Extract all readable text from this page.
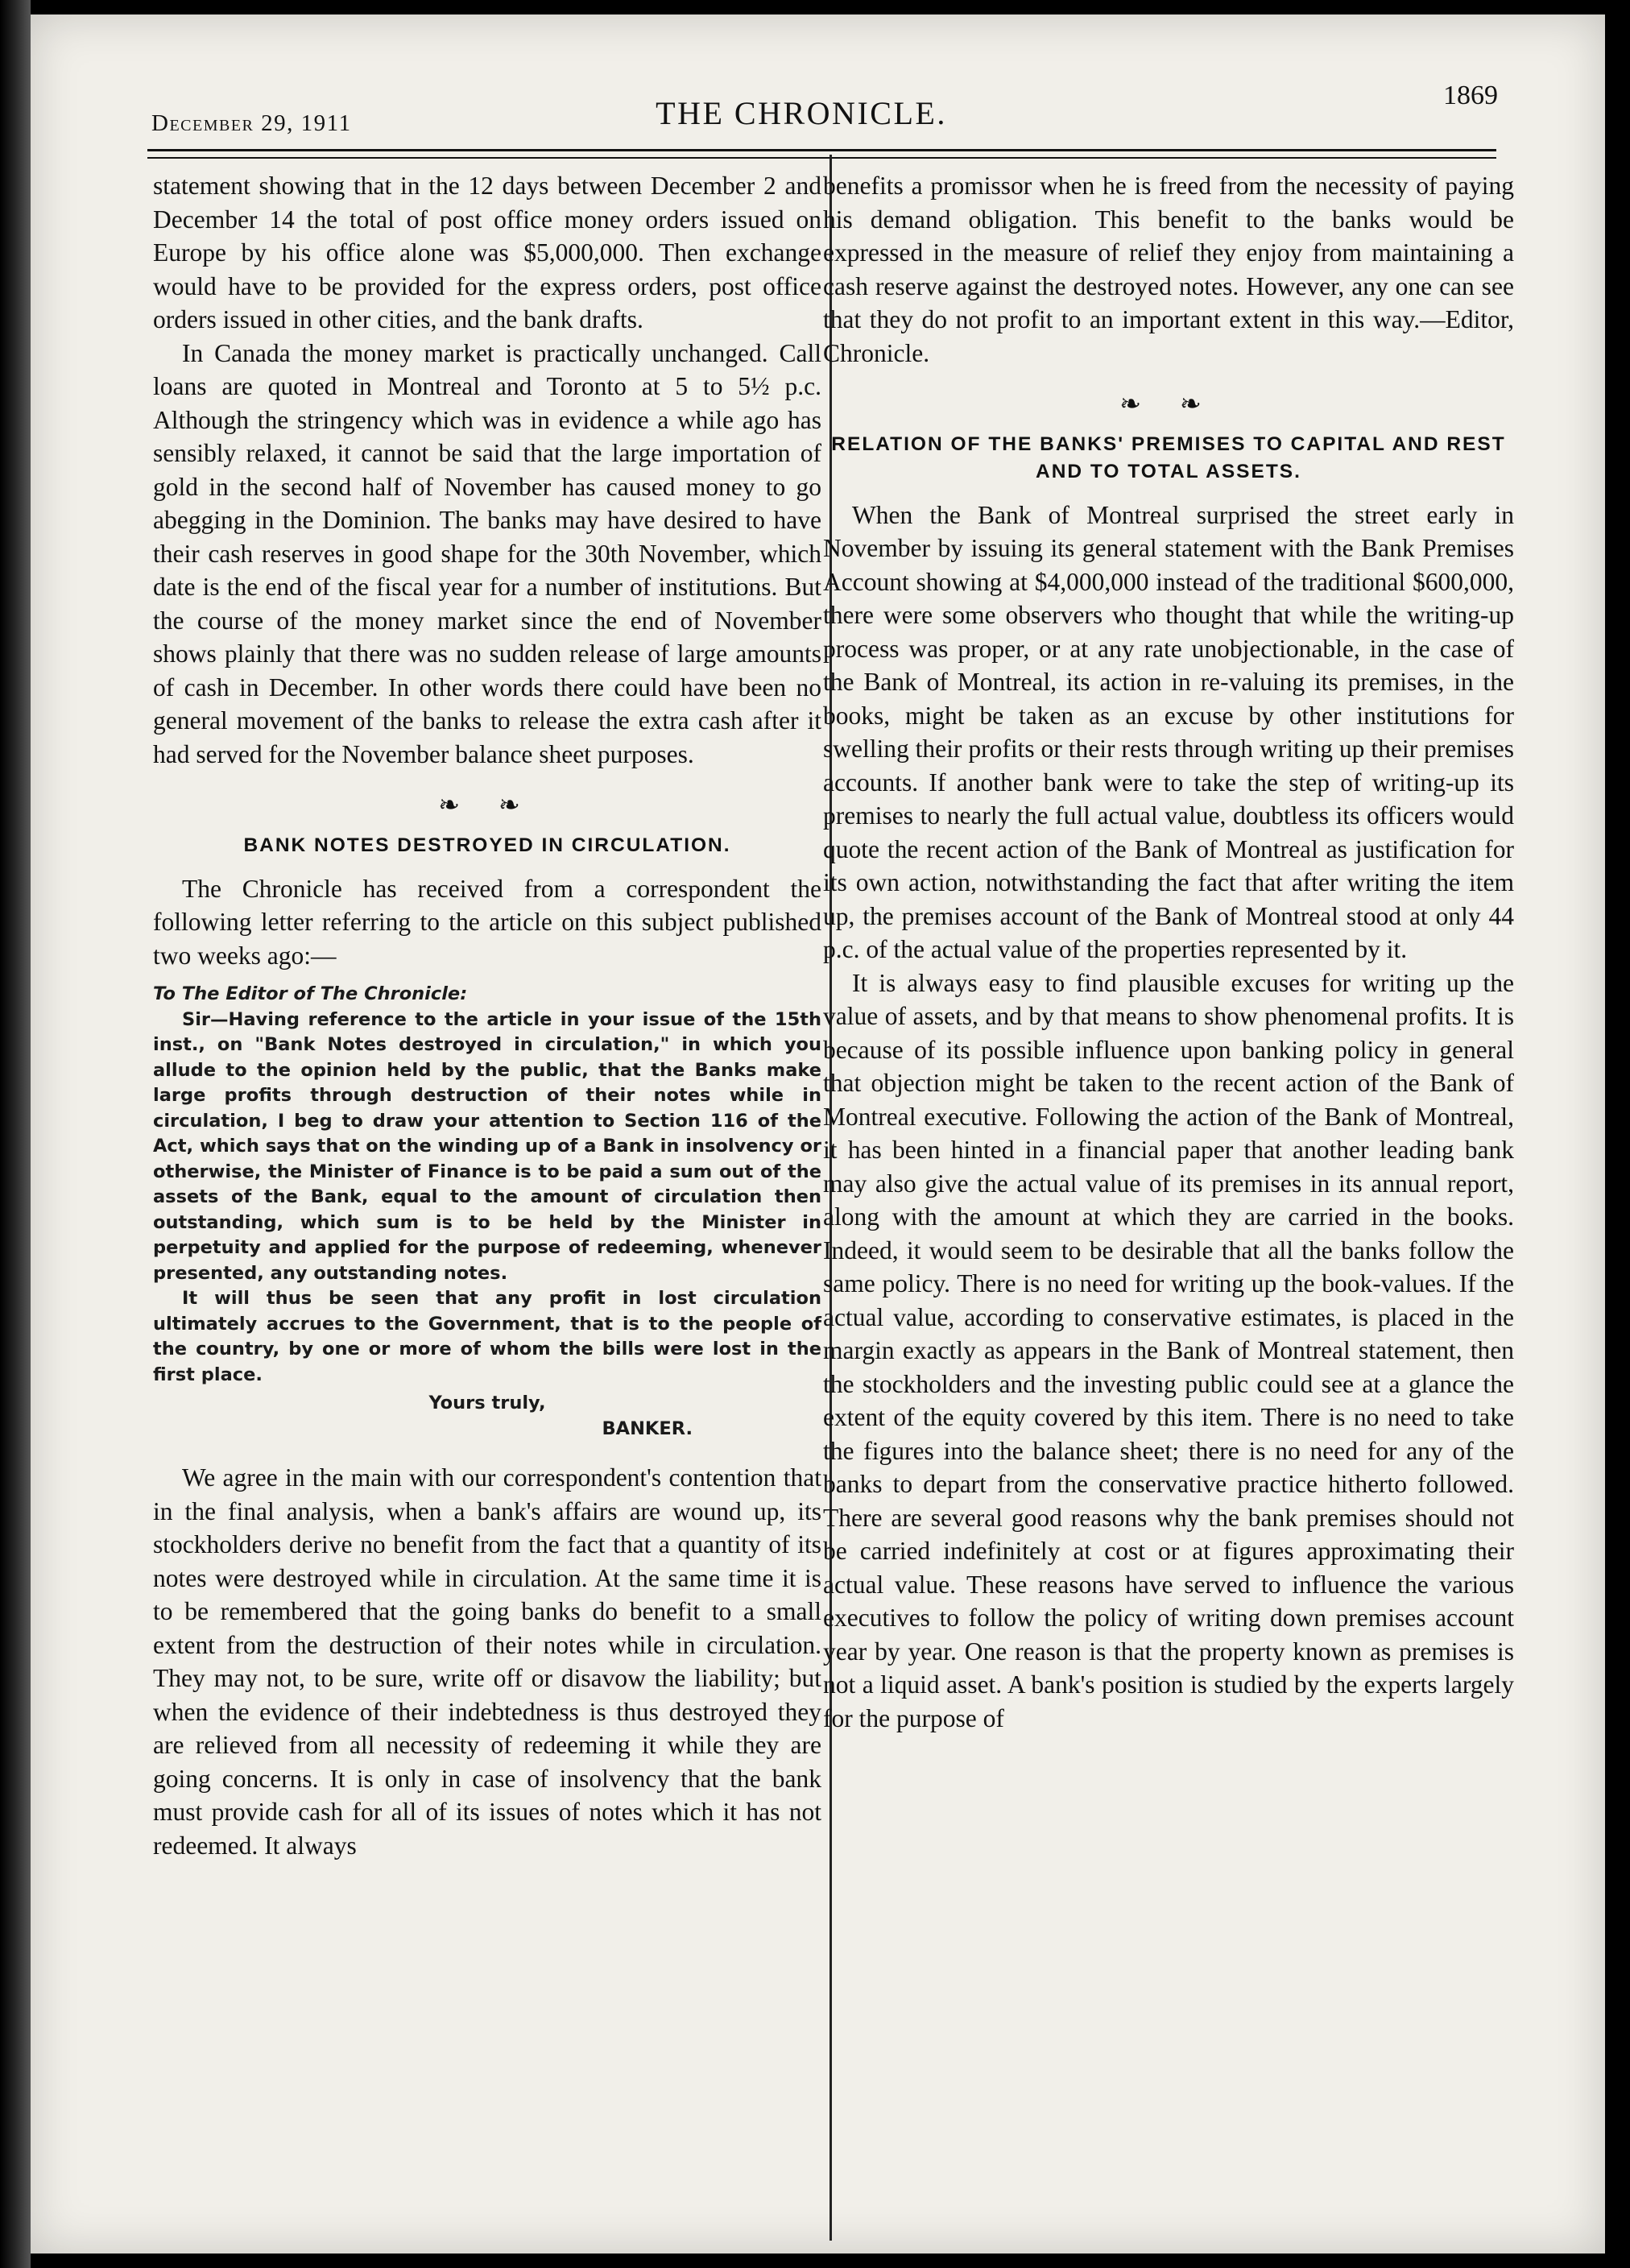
December 29, 1911	THE CHRONICLE.	1869

statement showing that in the 12 days between December 2 and December 14 the total of post office money orders issued on Europe by his office alone was $5,000,000. Then exchange would have to be provided for the express orders, post office orders issued in other cities, and the bank drafts.

In Canada the money market is practically unchanged. Call loans are quoted in Montreal and Toronto at 5 to 5½ p.c. Although the stringency which was in evidence a while ago has sensibly relaxed, it cannot be said that the large importation of gold in the second half of November has caused money to go abegging in the Dominion. The banks may have desired to have their cash reserves in good shape for the 30th November, which date is the end of the fiscal year for a number of institutions. But the course of the money market since the end of November shows plainly that there was no sudden release of large amounts of cash in December. In other words there could have been no general movement of the banks to release the extra cash after it had served for the November balance sheet purposes.

❧ ❧
BANK NOTES DESTROYED IN CIRCULATION.

The Chronicle has received from a correspondent the following letter referring to the article on this subject published two weeks ago:—

To The Editor of The Chronicle:

Sir—Having reference to the article in your issue of the 15th inst., on "Bank Notes destroyed in circulation," in which you allude to the opinion held by the public, that the Banks make large profits through destruction of their notes while in circulation, I beg to draw your attention to Section 116 of the Act, which says that on the winding up of a Bank in insolvency or otherwise, the Minister of Finance is to be paid a sum out of the assets of the Bank, equal to the amount of circulation then outstanding, which sum is to be held by the Minister in perpetuity and applied for the purpose of redeeming, whenever presented, any outstanding notes.

It will thus be seen that any profit in lost circulation ultimately accrues to the Government, that is to the people of the country, by one or more of whom the bills were lost in the first place.

Yours truly,

BANKER.

We agree in the main with our correspondent's contention that in the final analysis, when a bank's affairs are wound up, its stockholders derive no benefit from the fact that a quantity of its notes were destroyed while in circulation. At the same time it is to be remembered that the going banks do benefit to a small extent from the destruction of their notes while in circulation. They may not, to be sure, write off or disavow the liability; but when the evidence of their indebtedness is thus destroyed they are relieved from all necessity of redeeming it while they are going concerns. It is only in case of insolvency that the bank must provide cash for all of its issues of notes which it has not redeemed. It always

benefits a promissor when he is freed from the necessity of paying his demand obligation. This benefit to the banks would be expressed in the measure of relief they enjoy from maintaining a cash reserve against the destroyed notes. However, any one can see that they do not profit to an important extent in this way.—Editor, Chronicle.

❧ ❧
RELATION OF THE BANKS' PREMISES TO CAPITAL AND REST AND TO TOTAL ASSETS.

When the Bank of Montreal surprised the street early in November by issuing its general statement with the Bank Premises Account showing at $4,000,000 instead of the traditional $600,000, there were some observers who thought that while the writing-up process was proper, or at any rate unobjectionable, in the case of the Bank of Montreal, its action in re-valuing its premises, in the books, might be taken as an excuse by other institutions for swelling their profits or their rests through writing up their premises accounts. If another bank were to take the step of writing-up its premises to nearly the full actual value, doubtless its officers would quote the recent action of the Bank of Montreal as justification for its own action, notwithstanding the fact that after writing the item up, the premises account of the Bank of Montreal stood at only 44 p.c. of the actual value of the properties represented by it.

It is always easy to find plausible excuses for writing up the value of assets, and by that means to show phenomenal profits. It is because of its possible influence upon banking policy in general that objection might be taken to the recent action of the Bank of Montreal executive. Following the action of the Bank of Montreal, it has been hinted in a financial paper that another leading bank may also give the actual value of its premises in its annual report, along with the amount at which they are carried in the books. Indeed, it would seem to be desirable that all the banks follow the same policy. There is no need for writing up the book-values. If the actual value, according to conservative estimates, is placed in the margin exactly as appears in the Bank of Montreal statement, then the stockholders and the investing public could see at a glance the extent of the equity covered by this item. There is no need to take the figures into the balance sheet; there is no need for any of the banks to depart from the conservative practice hitherto followed. There are several good reasons why the bank premises should not be carried indefinitely at cost or at figures approximating their actual value. These reasons have served to influence the various executives to follow the policy of writing down premises account year by year. One reason is that the property known as premises is not a liquid asset. A bank's position is studied by the experts largely for the purpose of
